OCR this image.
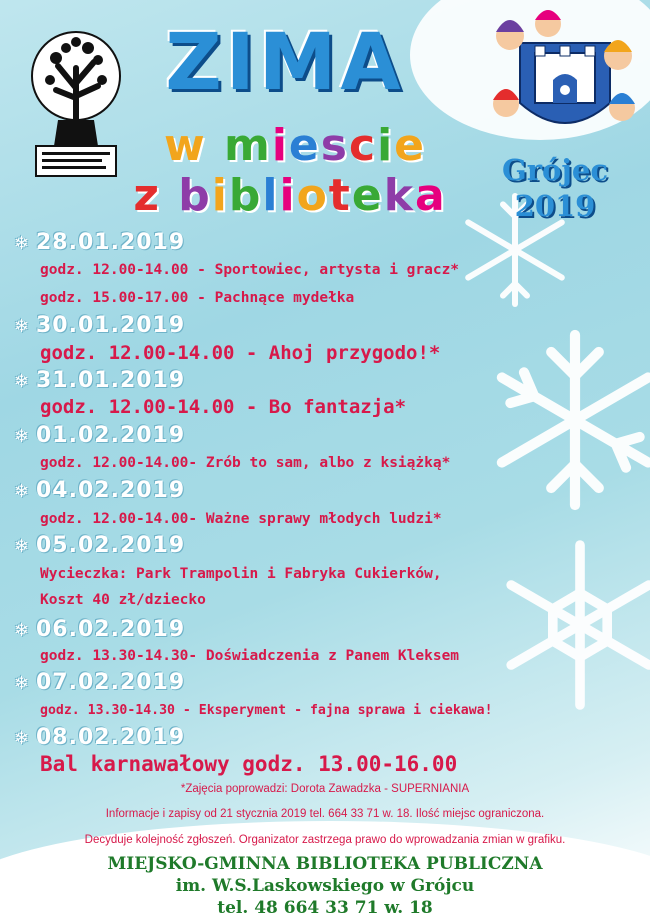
ZIMA
w miescie
z biblioteka	Grójec
2019
❄ 28.01.2019
godz. 12.00-14.00 - Sportowiec, artysta i gracz*
godz. 15.00-17.00 - Pachnące mydełka
❄ 30.01.2019
godz. 12.00-14.00 - Ahoj przygodo!*
❄ 31.01.2019
godz. 12.00-14.00 - Bo fantazja*
❄ 01.02.2019
godz. 12.00-14.00- Zrób to sam, albo z książką*
❄ 04.02.2019
godz. 12.00-14.00- Ważne sprawy młodych ludzi*
❄ 05.02.2019
Wycieczka: Park Trampolin i Fabryka Cukierków,
Koszt 40 zł/dziecko
❄ 06.02.2019
godz. 13.30-14.30- Doświadczenia z Panem Kleksem
❄ 07.02.2019
godz. 13.30-14.30 - Eksperyment - fajna sprawa i ciekawa!
❄ 08.02.2019
Bal karnawałowy godz. 13.00-16.00
*Zajęcia poprowadzi: Dorota Zawadzka - SUPERNIANIA
Informacje i zapisy od 21 stycznia 2019 tel. 664 33 71 w. 18. Ilość miejsc ograniczona.
Decyduje kolejność zgłoszeń. Organizator zastrzega prawo do wprowadzania zmian w grafiku.
MIEJSKO-GMINNA BIBLIOTEKA PUBLICZNA
im. W.S.Laskowskiego w Grójcu
tel. 48 664 33 71 w. 18
